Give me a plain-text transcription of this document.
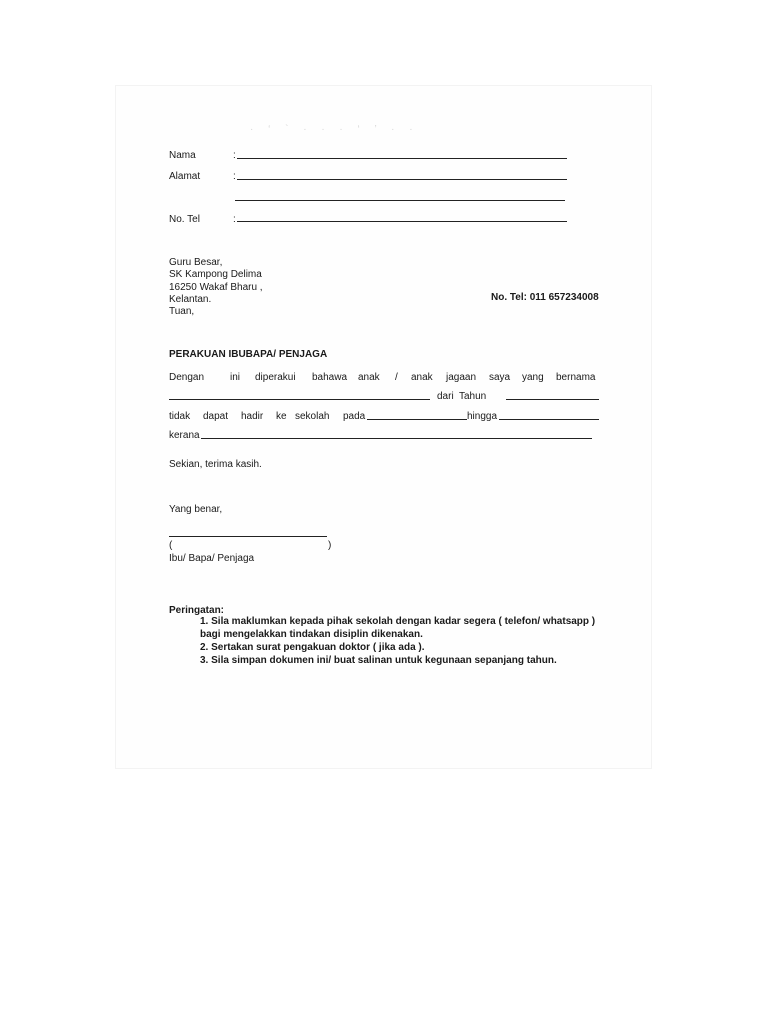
· ‘ ` · · · ‘ ’ · ·
Nama	:
Alamat	:
No. Tel	:
Guru Besar,
SK Kampong Delima
16250 Wakaf Bharu ,
Kelantan.
Tuan,
No. Tel: 011 657234008
PERAKUAN IBUBAPA/ PENJAGA
Dengan	ini diperakui bahawa anak / anak jagaan saya yang bernama
dari Tahun
tidak dapat hadir ke sekolah pada	hingga
kerana
Sekian, terima kasih.
Yang benar,
(	)
Ibu/ Bapa/ Penjaga
Peringatan:
1. Sila maklumkan kepada pihak sekolah dengan kadar segera ( telefon/ whatsapp )
bagi mengelakkan tindakan disiplin dikenakan.
2. Sertakan surat pengakuan doktor ( jika ada ).
3. Sila simpan dokumen ini/ buat salinan untuk kegunaan sepanjang tahun.
